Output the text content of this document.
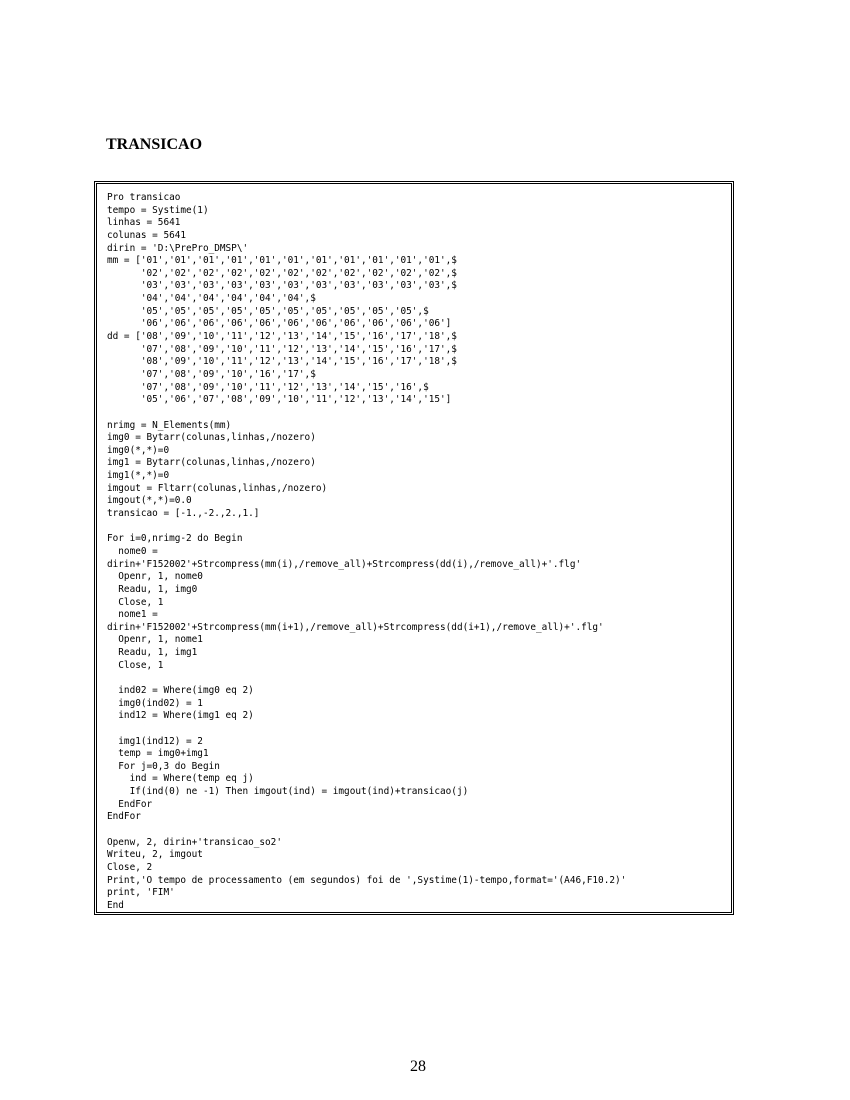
TRANSICAO
Pro transicao
tempo = Systime(1)
linhas = 5641
colunas = 5641
dirin = 'D:\PrePro_DMSP\'
mm = ['01','01','01','01','01','01','01','01','01','01','01',$
'02','02','02','02','02','02','02','02','02','02','02',$
'03','03','03','03','03','03','03','03','03','03','03',$
'04','04','04','04','04','04',$
'05','05','05','05','05','05','05','05','05','05',$
'06','06','06','06','06','06','06','06','06','06','06']
dd = ['08','09','10','11','12','13','14','15','16','17','18',$
'07','08','09','10','11','12','13','14','15','16','17',$
'08','09','10','11','12','13','14','15','16','17','18',$
'07','08','09','10','16','17',$
'07','08','09','10','11','12','13','14','15','16',$
'05','06','07','08','09','10','11','12','13','14','15']
nrimg = N_Elements(mm)
img0 = Bytarr(colunas,linhas,/nozero)
img0(*,*)=0
img1 = Bytarr(colunas,linhas,/nozero)
img1(*,*)=0
imgout = Fltarr(colunas,linhas,/nozero)
imgout(*,*)=0.0
transicao = [-1.,-2.,2.,1.]
For i=0,nrimg-2 do Begin
nome0 =
dirin+'F152002'+Strcompress(mm(i),/remove_all)+Strcompress(dd(i),/remove_all)+'.flg'
Openr, 1, nome0
Readu, 1, img0
Close, 1
nome1 =
dirin+'F152002'+Strcompress(mm(i+1),/remove_all)+Strcompress(dd(i+1),/remove_all)+'.flg'
Openr, 1, nome1
Readu, 1, img1
Close, 1
ind02 = Where(img0 eq 2)
img0(ind02) = 1
ind12 = Where(img1 eq 2)
img1(ind12) = 2
temp = img0+img1
For j=0,3 do Begin
ind = Where(temp eq j)
If(ind(0) ne -1) Then imgout(ind) = imgout(ind)+transicao(j)
EndFor
EndFor
Openw, 2, dirin+'transicao_so2'
Writeu, 2, imgout
Close, 2
Print,'O tempo de processamento (em segundos) foi de ',Systime(1)-tempo,format='(A46,F10.2)'
print, 'FIM'
End
28
